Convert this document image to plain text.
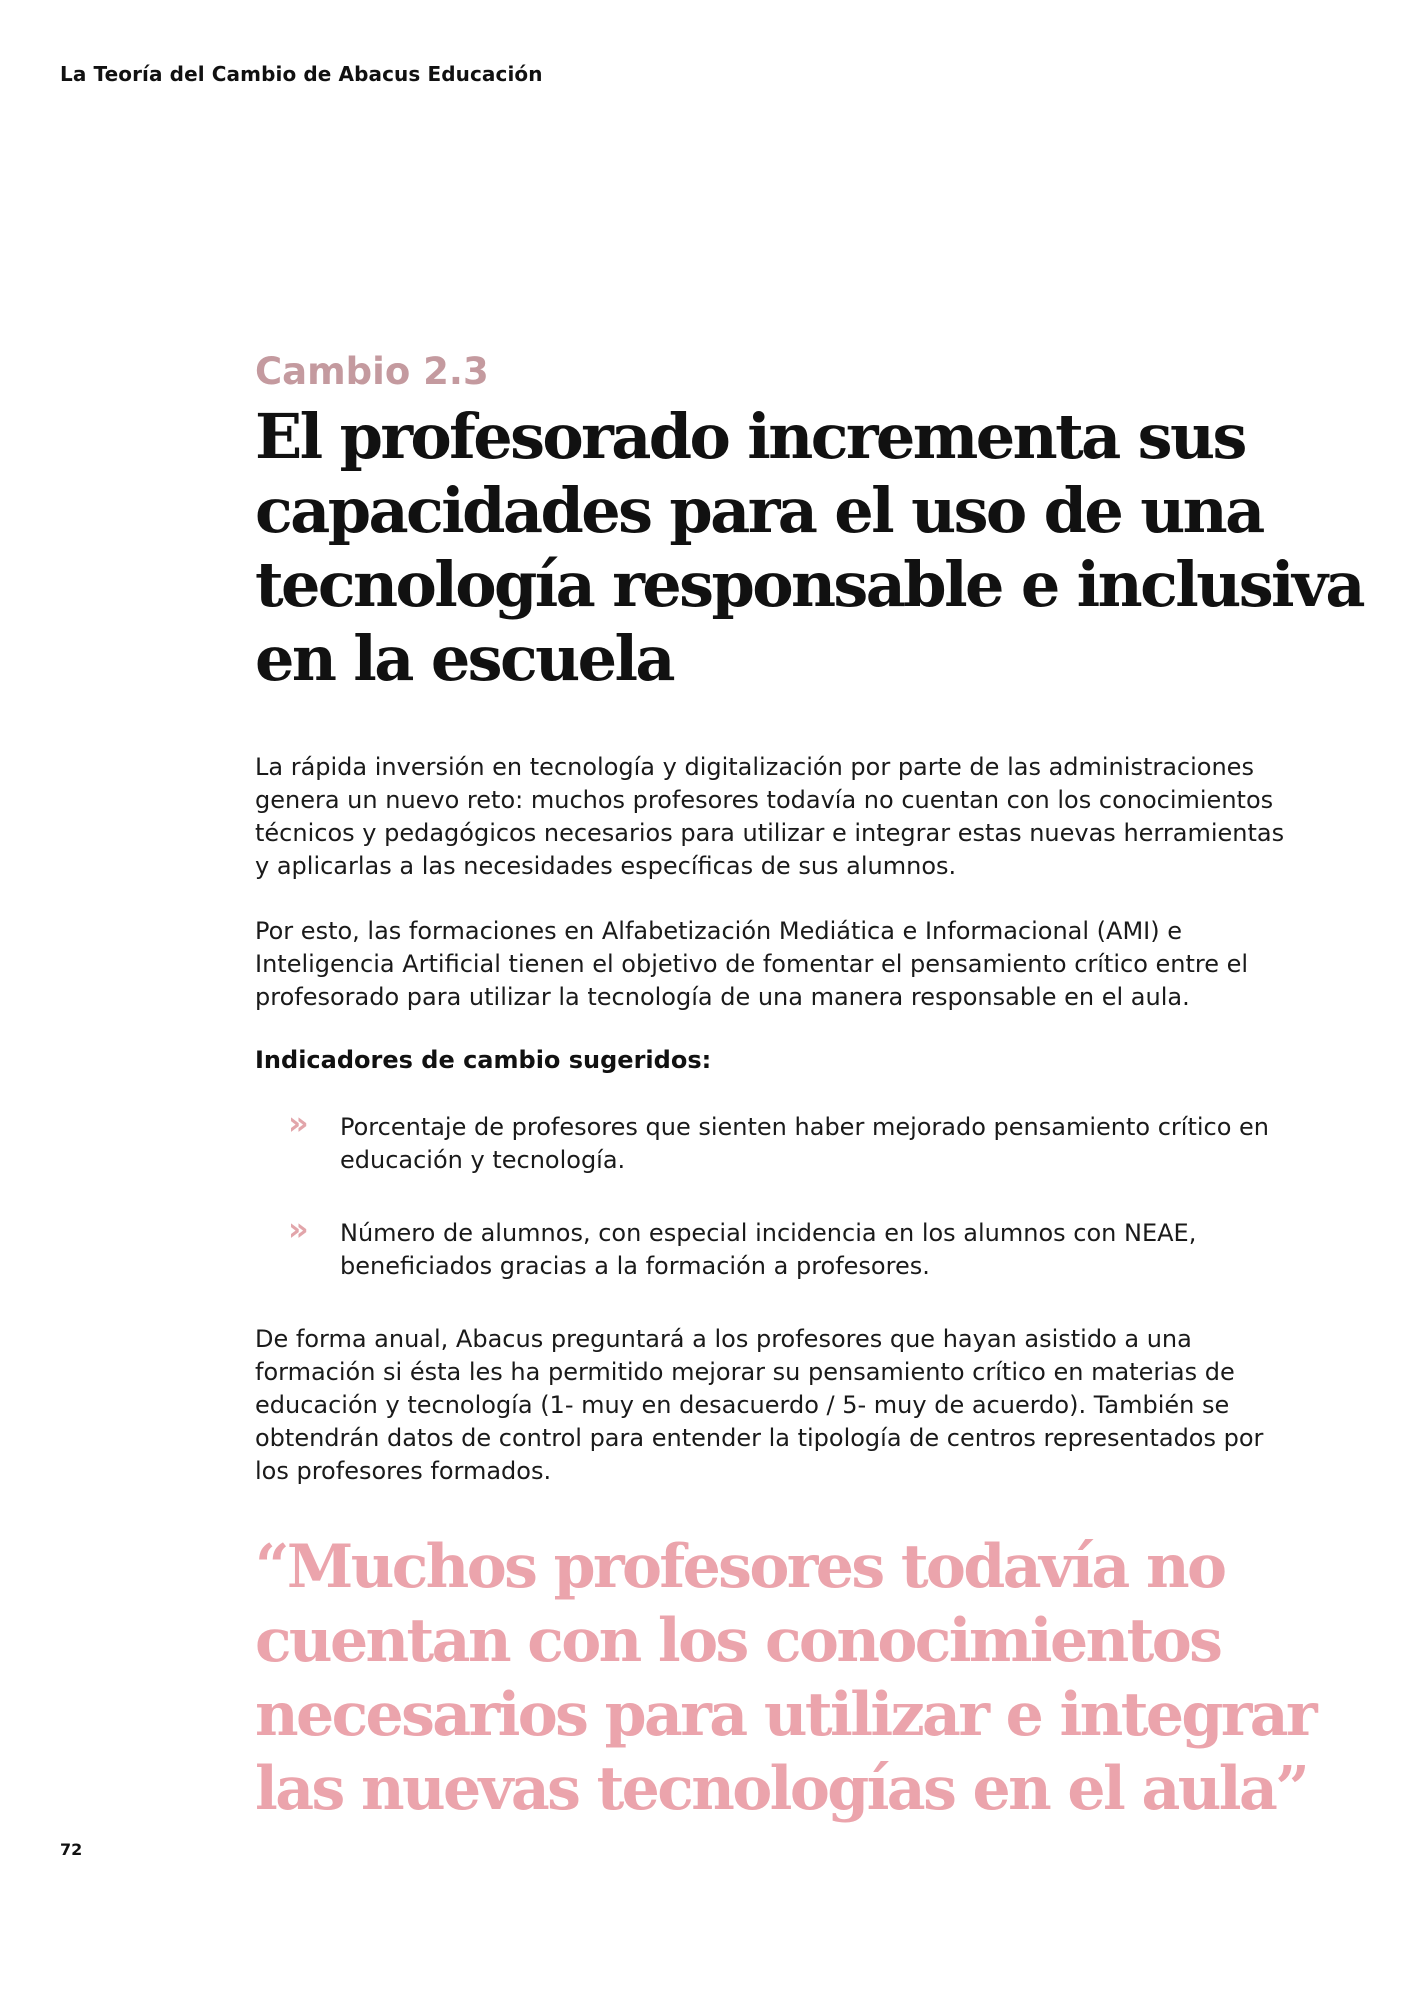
La Teoría del Cambio de Abacus Educación
Cambio 2.3
El profesorado incrementa sus
capacidades para el uso de una
tecnología responsable e inclusiva
en la escuela

La rápida inversión en tecnología y digitalización por parte de las administraciones genera un nuevo reto: muchos profesores todavía no cuentan con los conocimientos técnicos y pedagógicos necesarios para utilizar e integrar estas nuevas herramientas y aplicarlas a las necesidades específicas de sus alumnos.

Por esto, las formaciones en Alfabetización Mediática e Informacional (AMI) e Inteligencia Artificial tienen el objetivo de fomentar el pensamiento crítico entre el profesorado para utilizar la tecnología de una manera responsable en el aula.

Indicadores de cambio sugeridos:
» Porcentaje de profesores que sienten haber mejorado pensamiento crítico en educación y tecnología.
» Número de alumnos, con especial incidencia en los alumnos con NEAE, beneficiados gracias a la formación a profesores.

De forma anual, Abacus preguntará a los profesores que hayan asistido a una formación si ésta les ha permitido mejorar su pensamiento crítico en materias de educación y tecnología (1- muy en desacuerdo / 5- muy de acuerdo). También se obtendrán datos de control para entender la tipología de centros representados por los profesores formados.

“Muchos profesores todavía no
cuentan con los conocimientos
necesarios para utilizar e integrar
las nuevas tecnologías en el aula”
72
